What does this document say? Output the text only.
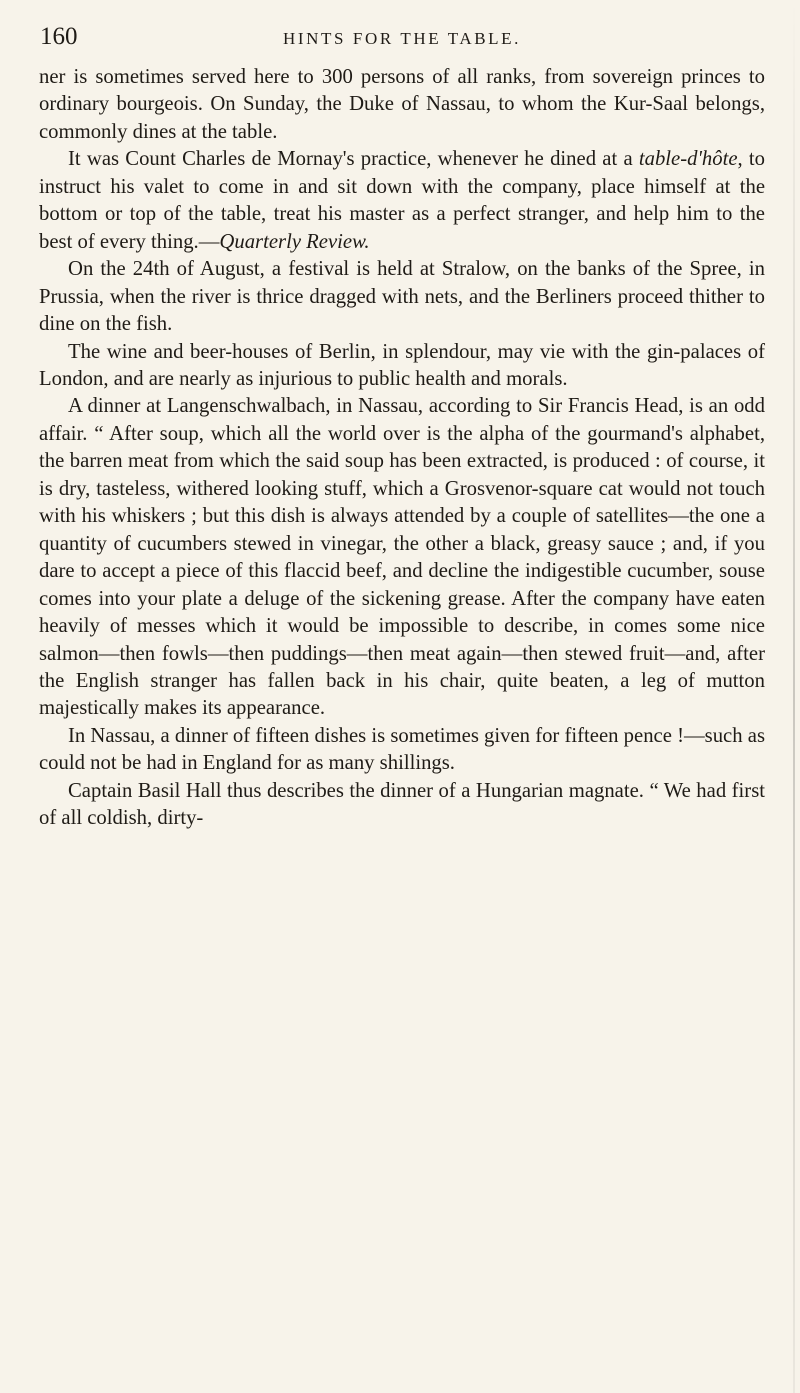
160	HINTS FOR THE TABLE.

ner is sometimes served here to 300 persons of all ranks, from sovereign princes to ordinary bourgeois. On Sunday, the Duke of Nassau, to whom the Kur-Saal belongs, commonly dines at the table.

It was Count Charles de Mornay's practice, whenever he dined at a table-d'hôte, to instruct his valet to come in and sit down with the company, place himself at the bottom or top of the table, treat his master as a perfect stranger, and help him to the best of every thing.—Quarterly Review.

On the 24th of August, a festival is held at Stralow, on the banks of the Spree, in Prussia, when the river is thrice dragged with nets, and the Berliners proceed thither to dine on the fish.

The wine and beer-houses of Berlin, in splendour, may vie with the gin-palaces of London, and are nearly as injurious to public health and morals.

A dinner at Langenschwalbach, in Nassau, according to Sir Francis Head, is an odd affair. “ After soup, which all the world over is the alpha of the gourmand's alphabet, the barren meat from which the said soup has been extracted, is produced : of course, it is dry, tasteless, withered looking stuff, which a Grosvenor-square cat would not touch with his whiskers ; but this dish is always attended by a couple of satellites—the one a quantity of cucumbers stewed in vinegar, the other a black, greasy sauce ; and, if you dare to accept a piece of this flaccid beef, and decline the indigestible cucumber, souse comes into your plate a deluge of the sickening grease. After the company have eaten heavily of messes which it would be impossible to describe, in comes some nice salmon—then fowls—then puddings—then meat again—then stewed fruit—and, after the English stranger has fallen back in his chair, quite beaten, a leg of mutton majestically makes its appearance.

In Nassau, a dinner of fifteen dishes is sometimes given for fifteen pence !—such as could not be had in England for as many shillings.

Captain Basil Hall thus describes the dinner of a Hungarian magnate. “ We had first of all coldish, dirty-
